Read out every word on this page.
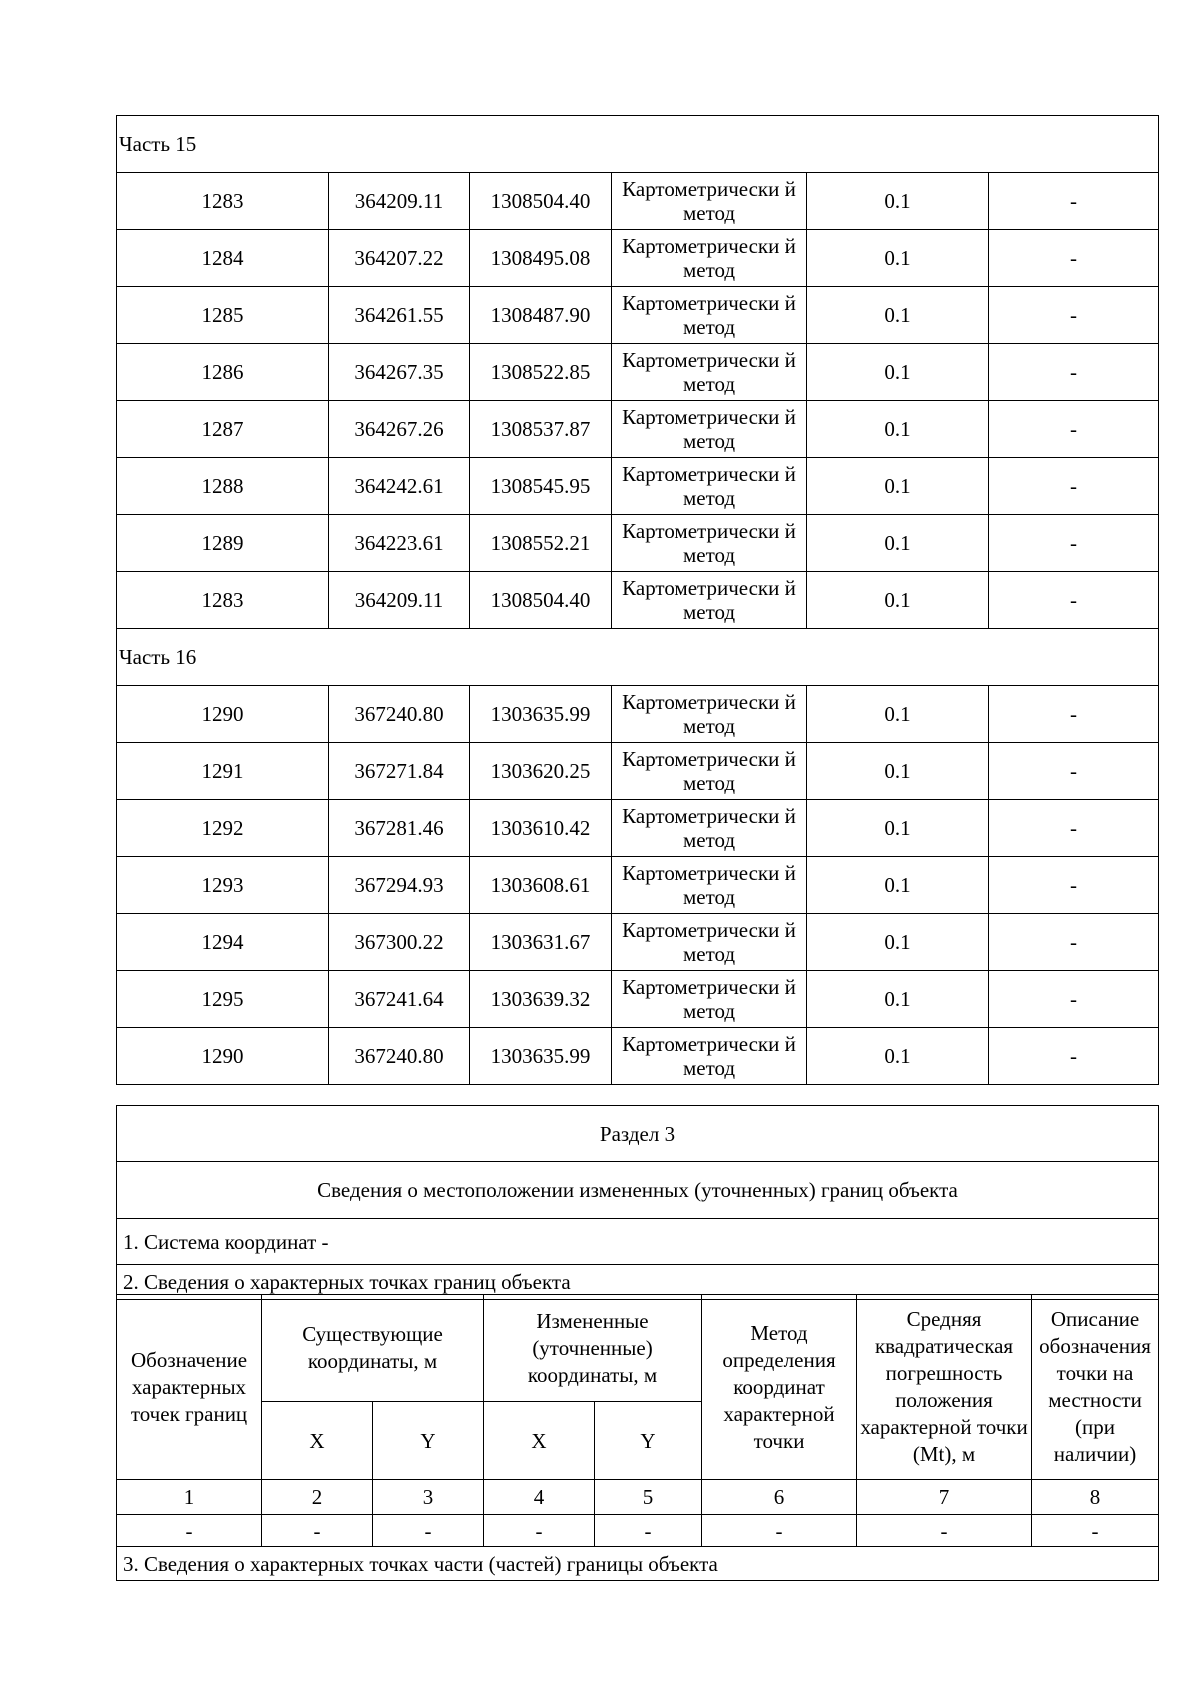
Часть 15					
1283	364209.11	1308504.40	Картометрически й метод	0.1	-
1284	364207.22	1308495.08	Картометрически й метод	0.1	-
1285	364261.55	1308487.90	Картометрически й метод	0.1	-
1286	364267.35	1308522.85	Картометрически й метод	0.1	-
1287	364267.26	1308537.87	Картометрически й метод	0.1	-
1288	364242.61	1308545.95	Картометрически й метод	0.1	-
1289	364223.61	1308552.21	Картометрически й метод	0.1	-
1283	364209.11	1308504.40	Картометрически й метод	0.1	-
Часть 16					
1290	367240.80	1303635.99	Картометрически й метод	0.1	-
1291	367271.84	1303620.25	Картометрически й метод	0.1	-
1292	367281.46	1303610.42	Картометрически й метод	0.1	-
1293	367294.93	1303608.61	Картометрически й метод	0.1	-
1294	367300.22	1303631.67	Картометрически й метод	0.1	-
1295	367241.64	1303639.32	Картометрически й метод	0.1	-
1290	367240.80	1303635.99	Картометрически й метод	0.1	-
Раздел 3
Сведения о местоположении измененных (уточненных) границ объекта
1. Система координат -
2. Сведения о характерных точках границ объекта
Обозначение характерных точек границ	Существующие координаты, м		Измененные (уточненные) координаты, м		Метод определения координат характерной точки	Средняя квадратическая погрешность положения характерной точки (Mt), м	Описание обозначения точки на местности (при наличии)
	X	Y	X	Y			
1	2	3	4	5	6	7	8
-	-	-	-	-	-	-	-
3. Сведения о характерных точках части (частей) границы объекта							
